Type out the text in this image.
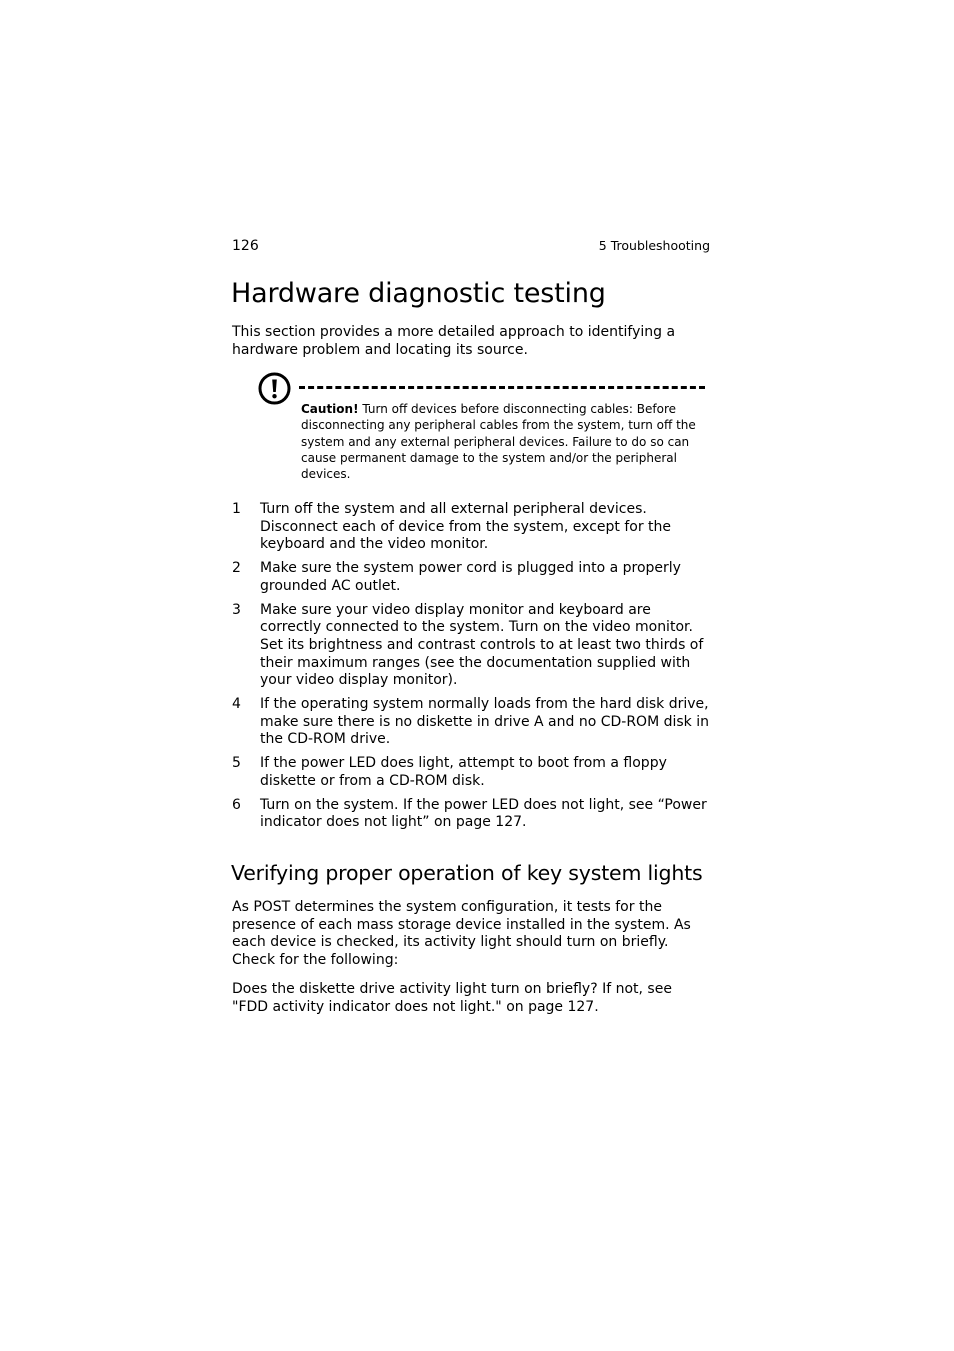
126	5 Troubleshooting
Hardware diagnostic testing

This section provides a more detailed approach to identifying a hardware problem and locating its source.

Caution! Turn off devices before disconnecting cables: Before disconnecting any peripheral cables from the system, turn off the system and any external peripheral devices. Failure to do so can cause permanent damage to the system and/or the peripheral devices.

1 Turn off the system and all external peripheral devices. Disconnect each of device from the system, except for the keyboard and the video monitor.
2 Make sure the system power cord is plugged into a properly grounded AC outlet.
3 Make sure your video display monitor and keyboard are correctly connected to the system. Turn on the video monitor. Set its brightness and contrast controls to at least two thirds of their maximum ranges (see the documentation supplied with your video display monitor).
4 If the operating system normally loads from the hard disk drive, make sure there is no diskette in drive A and no CD-ROM disk in the CD-ROM drive.
5 If the power LED does light, attempt to boot from a floppy diskette or from a CD-ROM disk.
6 Turn on the system. If the power LED does not light, see “Power indicator does not light” on page 127.
Verifying proper operation of key system lights

As POST determines the system configuration, it tests for the presence of each mass storage device installed in the system. As each device is checked, its activity light should turn on briefly. Check for the following:

Does the diskette drive activity light turn on briefly? If not, see "FDD activity indicator does not light." on page 127.
